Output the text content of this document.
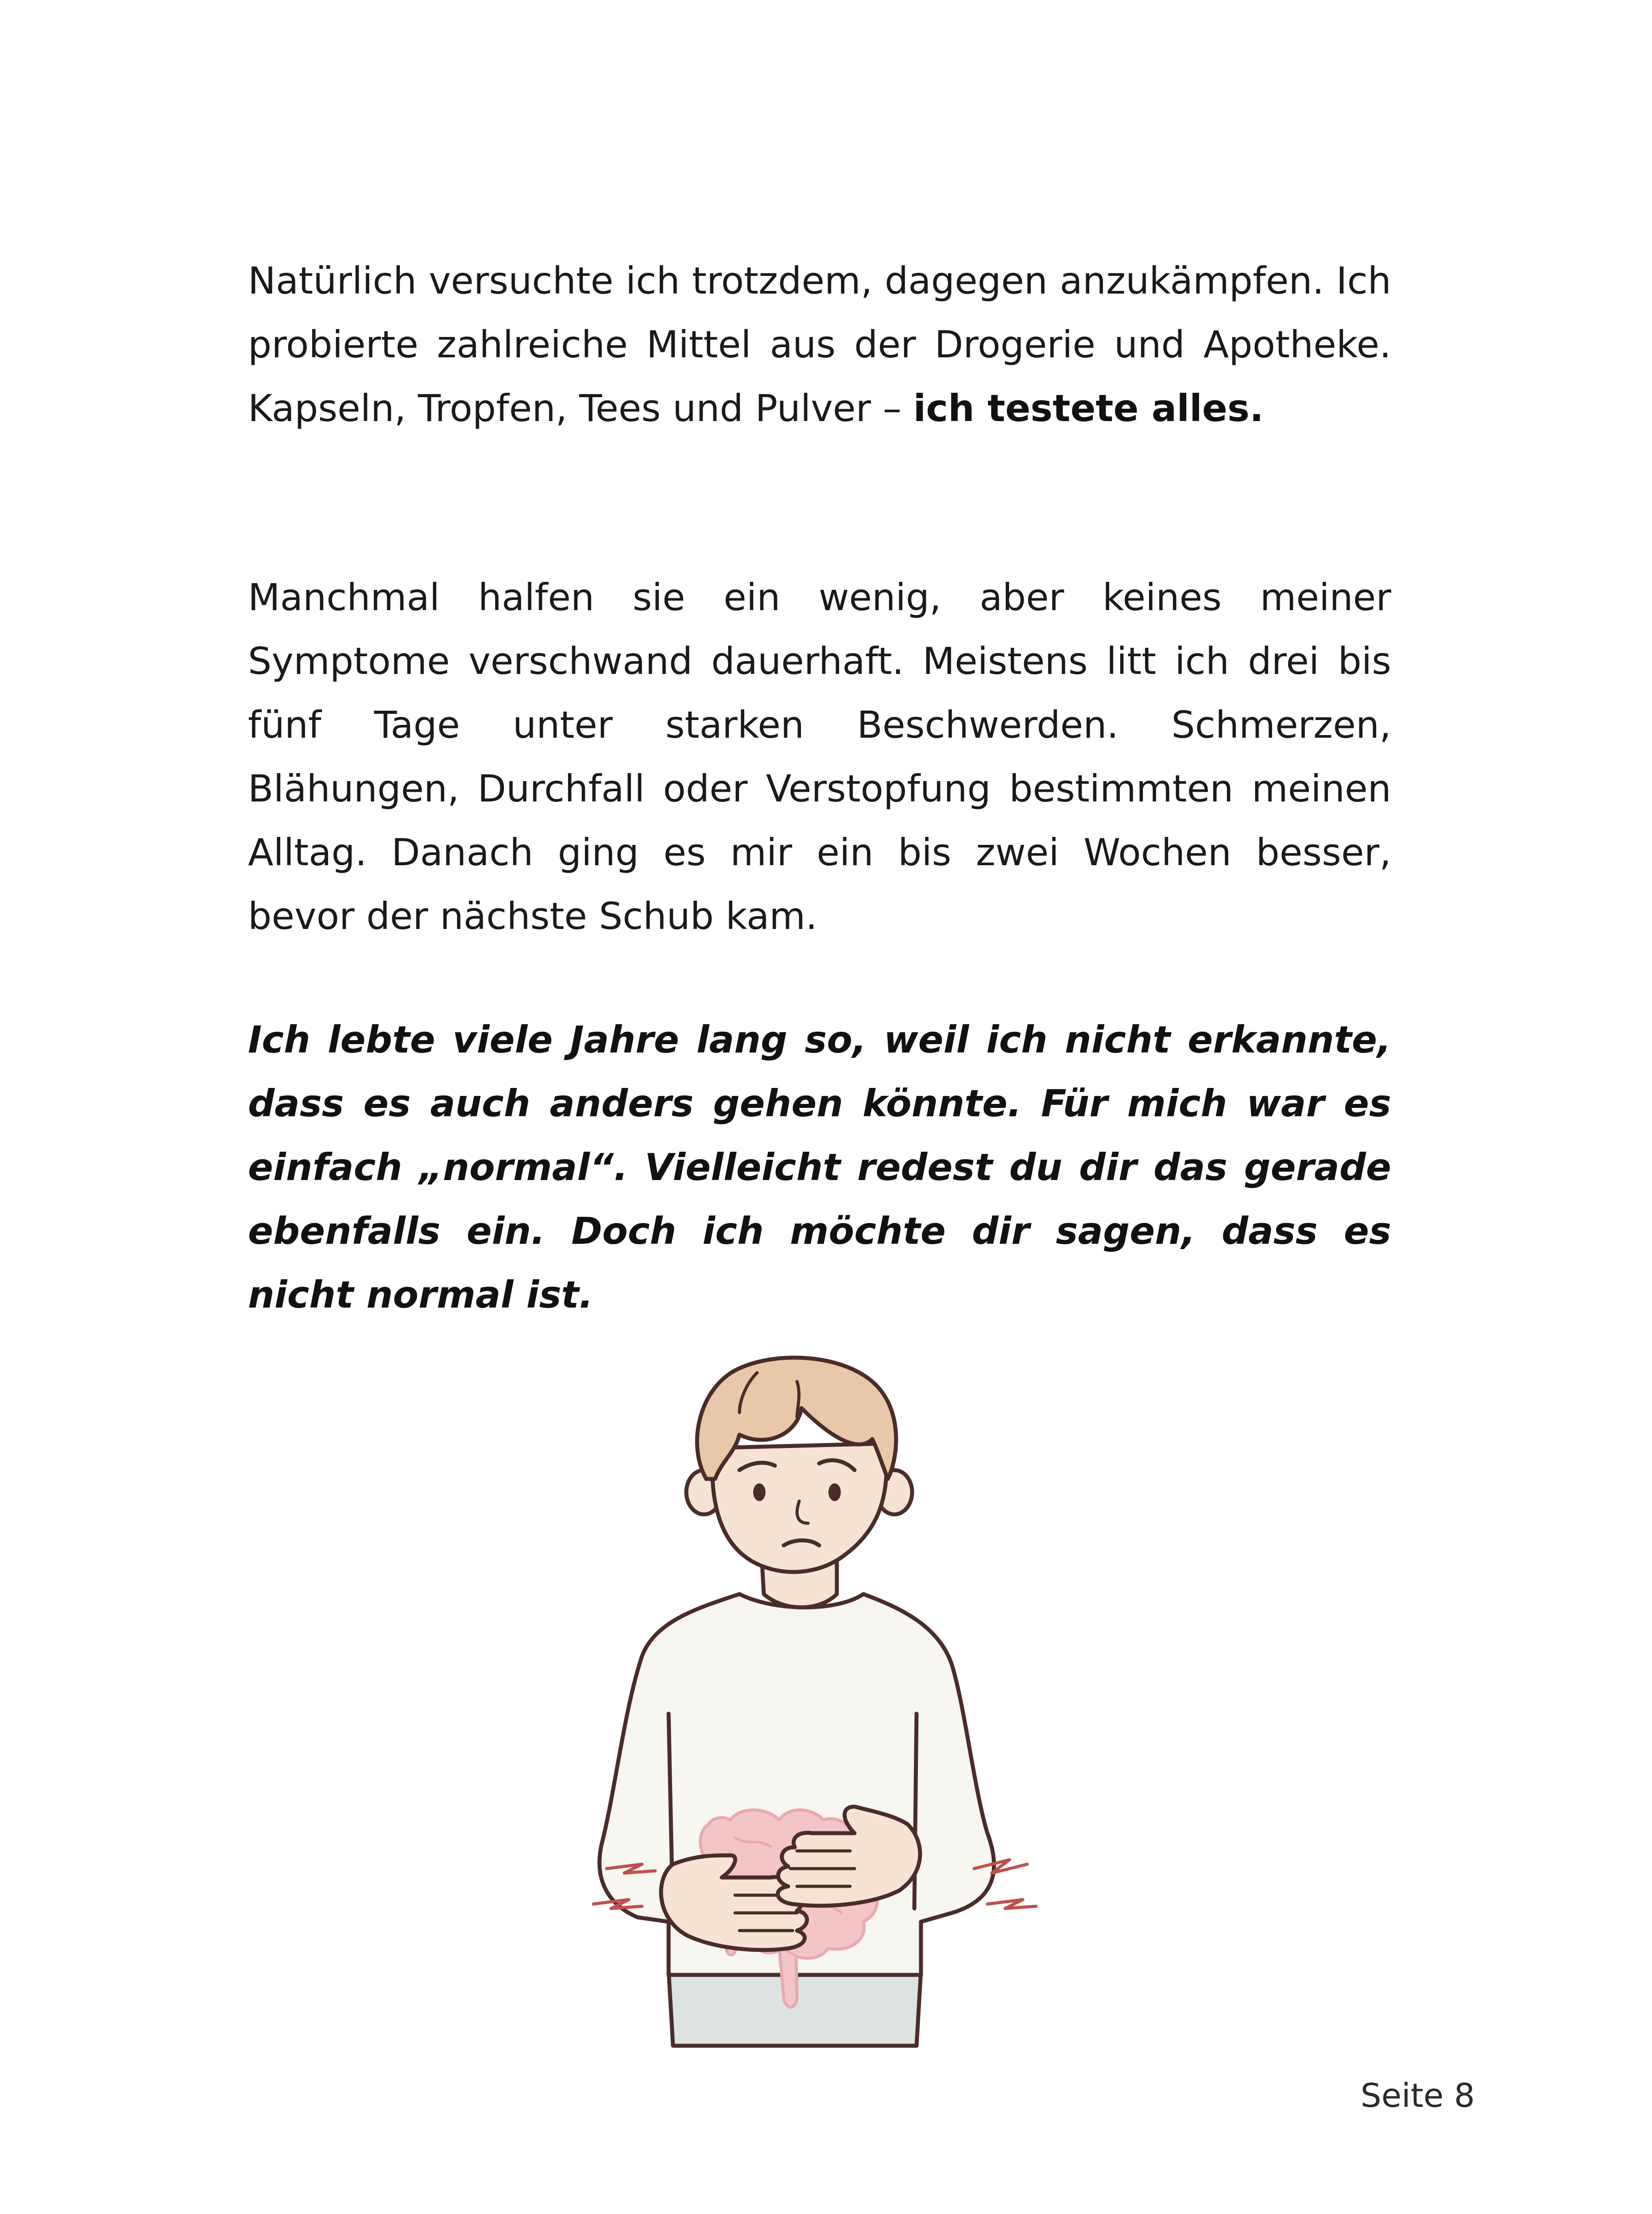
Natürlich versuchte ich trotzdem, dagegen anzukämpfen. Ich probierte zahlreiche Mittel aus der Drogerie und Apotheke. Kapseln, Tropfen, Tees und Pulver – ich testete alles.

Manchmal halfen sie ein wenig, aber keines meiner Symptome verschwand dauerhaft. Meistens litt ich drei bis fünf Tage unter starken Beschwerden. Schmerzen, Blähungen, Durchfall oder Verstopfung bestimmten meinen Alltag. Danach ging es mir ein bis zwei Wochen besser, bevor der nächste Schub kam.

Ich lebte viele Jahre lang so, weil ich nicht erkannte, dass es auch anders gehen könnte. Für mich war es einfach „normal“. Vielleicht redest du dir das gerade ebenfalls ein. Doch ich möchte dir sagen, dass es nicht normal ist.

Seite 8
